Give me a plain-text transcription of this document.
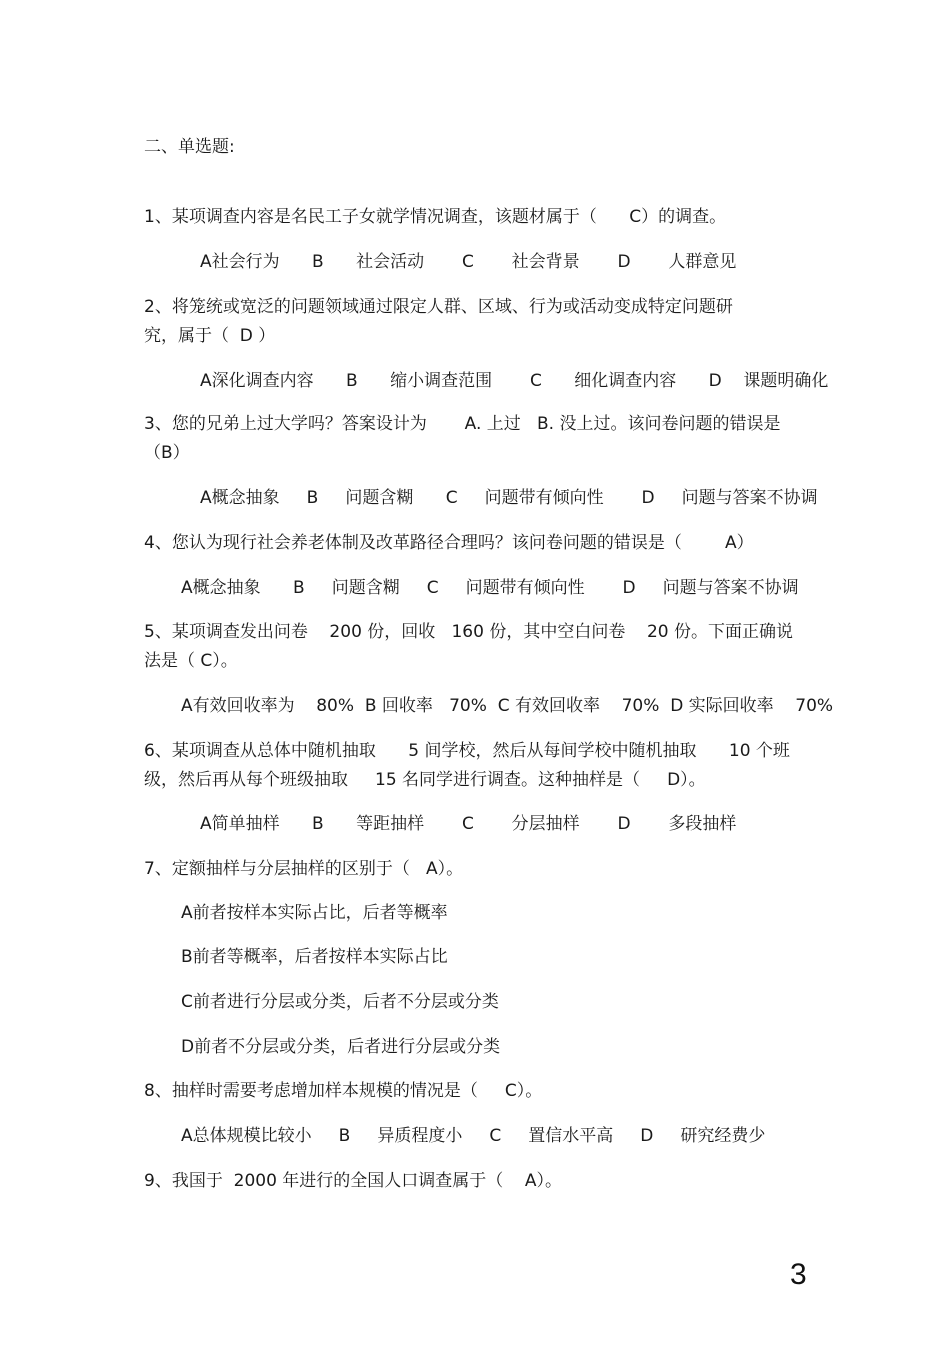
二、单选题:
1、某项调查内容是名民工子女就学情况调查，该题材属于（      C）的调查。
A社会行为      B      社会活动       C       社会背景       D       人群意见
2、将笼统或宽泛的问题领域通过限定人群、区域、行为或活动变成特定问题研
究，属于（  D ）
A深化调查内容      B      缩小调查范围       C      细化调查内容      D    课题明确化
3、您的兄弟上过大学吗？答案设计为       A. 上过   B. 没上过。该问卷问题的错误是
（B）
A概念抽象     B     问题含糊      C     问题带有倾向性       D     问题与答案不协调
4、您认为现行社会养老体制及改革路径合理吗？该问卷问题的错误是（        A）
A概念抽象      B     问题含糊     C     问题带有倾向性       D     问题与答案不协调
5、某项调查发出问卷    200 份，回收   160 份，其中空白问卷    20 份。下面正确说
法是（ C）。
A有效回收率为    80%  B 回收率   70%  C 有效回收率    70%  D 实际回收率    70%
6、某项调查从总体中随机抽取      5 间学校，然后从每间学校中随机抽取      10 个班
级，然后再从每个班级抽取     15 名同学进行调查。这种抽样是（     D）。
A简单抽样      B      等距抽样       C       分层抽样       D       多段抽样
7、定额抽样与分层抽样的区别于（   A）。
A前者按样本实际占比，后者等概率
B前者等概率，后者按样本实际占比
C前者进行分层或分类，后者不分层或分类
D前者不分层或分类，后者进行分层或分类
8、抽样时需要考虑增加样本规模的情况是（     C）。
A总体规模比较小     B     异质程度小     C     置信水平高     D     研究经费少
9、我国于  2000 年进行的全国人口调查属于（    A）。
3
